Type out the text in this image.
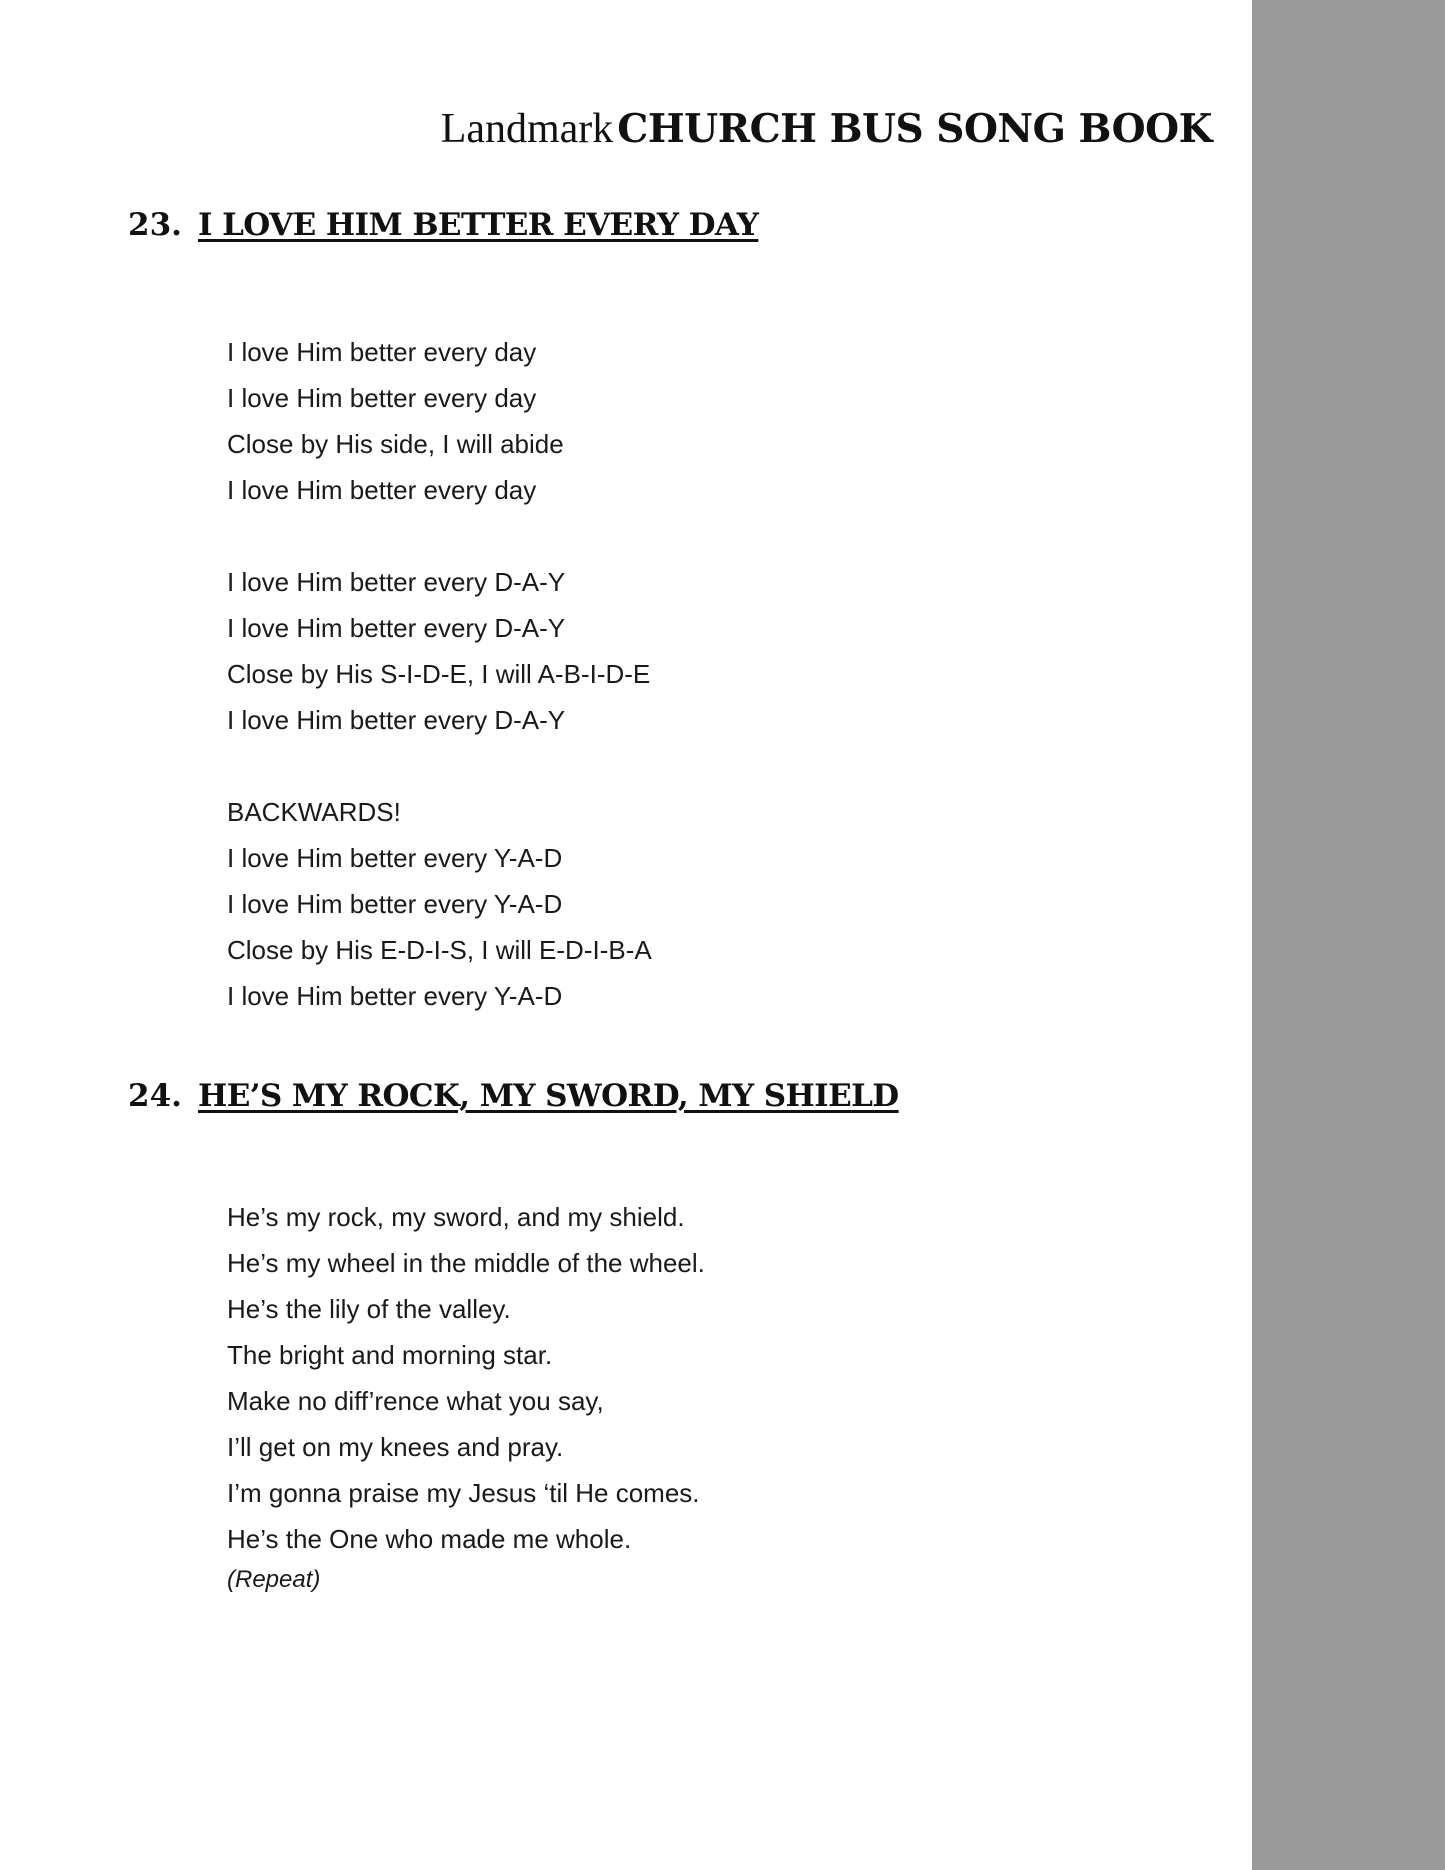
Landmark CHURCH BUS SONG BOOK
23. I LOVE HIM BETTER EVERY DAY
I love Him better every day
I love Him better every day
Close by His side, I will abide
I love Him better every day
I love Him better every D-A-Y
I love Him better every D-A-Y
Close by His S-I-D-E, I will A-B-I-D-E
I love Him better every D-A-Y
BACKWARDS!
I love Him better every Y-A-D
I love Him better every Y-A-D
Close by His E-D-I-S, I will E-D-I-B-A
I love Him better every Y-A-D
24. HE’S MY ROCK, MY SWORD, MY SHIELD
He’s my rock, my sword, and my shield.
He’s my wheel in the middle of the wheel.
He’s the lily of the valley.
The bright and morning star.
Make no diff’rence what you say,
I’ll get on my knees and pray.
I’m gonna praise my Jesus ‘til He comes.
He’s the One who made me whole.
(Repeat)
